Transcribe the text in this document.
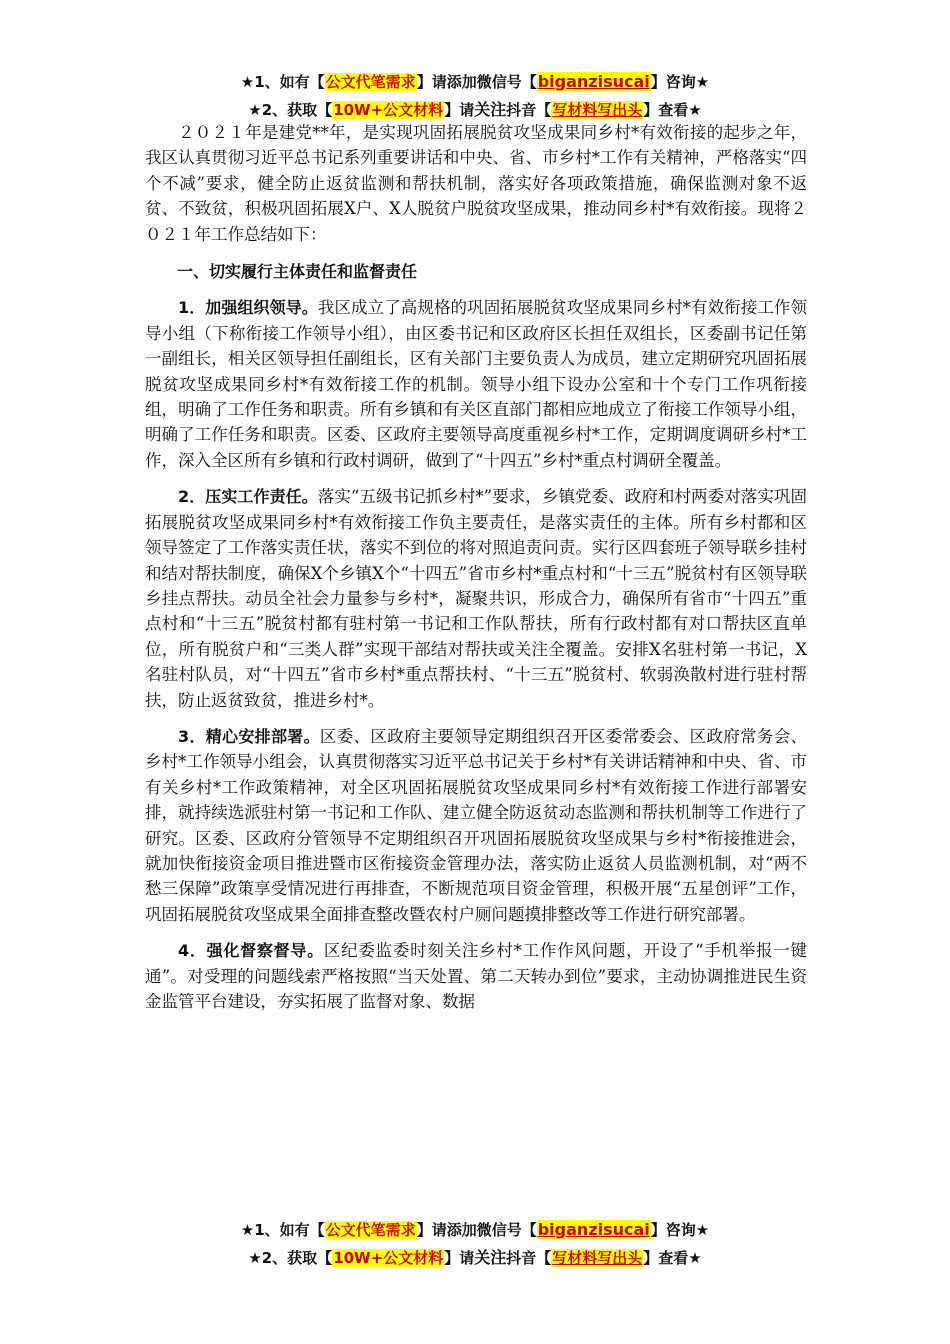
★1、如有【公文代笔需求】请添加微信号【biganzisucai】咨询★
★2、获取【10W+公文材料】请关注抖音【写材料写出头】查看★

２０２１年是建党**年，是实现巩固拓展脱贫攻坚成果同乡村*有效衔接的起步之年，我区认真贯彻习近平总书记系列重要讲话和中央、省、市乡村*工作有关精神，严格落实“四个不减”要求，健全防止返贫监测和帮扶机制，落实好各项政策措施，确保监测对象不返贫、不致贫，积极巩固拓展X户、X人脱贫户脱贫攻坚成果，推动同乡村*有效衔接。现将２０２１年工作总结如下：

一、切实履行主体责任和监督责任

1．加强组织领导。我区成立了高规格的巩固拓展脱贫攻坚成果同乡村*有效衔接工作领导小组（下称衔接工作领导小组），由区委书记和区政府区长担任双组长，区委副书记任第一副组长，相关区领导担任副组长，区有关部门主要负责人为成员，建立定期研究巩固拓展脱贫攻坚成果同乡村*有效衔接工作的机制。领导小组下设办公室和十个专门工作巩衔接组，明确了工作任务和职责。所有乡镇和有关区直部门都相应地成立了衔接工作领导小组，明确了工作任务和职责。区委、区政府主要领导高度重视乡村*工作，定期调度调研乡村*工作，深入全区所有乡镇和行政村调研，做到了“十四五”乡村*重点村调研全覆盖。

2．压实工作责任。落实“五级书记抓乡村*”要求，乡镇党委、政府和村两委对落实巩固拓展脱贫攻坚成果同乡村*有效衔接工作负主要责任，是落实责任的主体。所有乡村都和区领导签定了工作落实责任状，落实不到位的将对照追责问责。实行区四套班子领导联乡挂村和结对帮扶制度，确保X个乡镇X个“十四五”省市乡村*重点村和“十三五”脱贫村有区领导联乡挂点帮扶。动员全社会力量参与乡村*，凝聚共识，形成合力，确保所有省市“十四五”重点村和“十三五”脱贫村都有驻村第一书记和工作队帮扶，所有行政村都有对口帮扶区直单位，所有脱贫户和“三类人群”实现干部结对帮扶或关注全覆盖。安排X名驻村第一书记，X名驻村队员，对“十四五”省市乡村*重点帮扶村、“十三五”脱贫村、软弱涣散村进行驻村帮扶，防止返贫致贫，推进乡村*。

3．精心安排部署。区委、区政府主要领导定期组织召开区委常委会、区政府常务会、乡村*工作领导小组会，认真贯彻落实习近平总书记关于乡村*有关讲话精神和中央、省、市有关乡村*工作政策精神，对全区巩固拓展脱贫攻坚成果同乡村*有效衔接工作进行部署安排，就持续选派驻村第一书记和工作队、建立健全防返贫动态监测和帮扶机制等工作进行了研究。区委、区政府分管领导不定期组织召开巩固拓展脱贫攻坚成果与乡村*衔接推进会，就加快衔接资金项目推进暨市区衔接资金管理办法，落实防止返贫人员监测机制，对“两不愁三保障”政策享受情况进行再排查，不断规范项目资金管理，积极开展“五星创评”工作，巩固拓展脱贫攻坚成果全面排查整改暨农村户厕问题摸排整改等工作进行研究部署。

4．强化督察督导。区纪委监委时刻关注乡村*工作作风问题，开设了“手机举报一键通”。对受理的问题线索严格按照“当天处置、第二天转办到位”要求，主动协调推进民生资金监管平台建设，夯实拓展了监督对象、数据

★1、如有【公文代笔需求】请添加微信号【biganzisucai】咨询★
★2、获取【10W+公文材料】请关注抖音【写材料写出头】查看★
